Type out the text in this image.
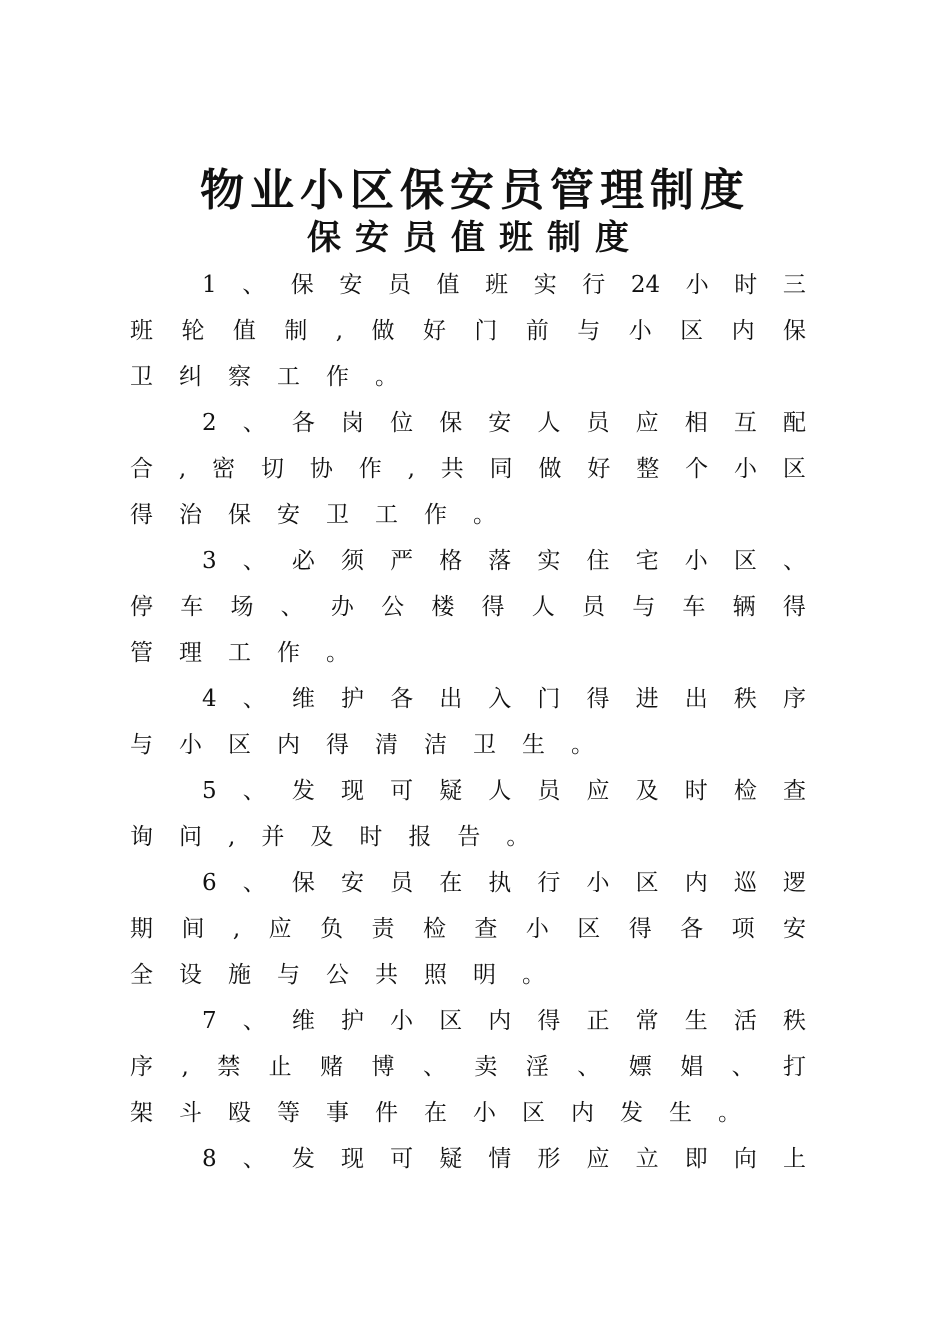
物业小区保安员管理制度
保安员值班制度
1 、 保 安 员 值 班 实 行 24 小 时 三
班 轮 值 制 , 做 好 门 前 与 小 区 内 保
卫 纠 察 工 作 。
2 、 各 岗 位 保 安 人 员 应 相 互 配
合 , 密 切 协 作 , 共 同 做 好 整 个 小 区
得 治 保 安 卫 工 作 。
3 、 必 须 严 格 落 实 住 宅 小 区 、
停 车 场 、 办 公 楼 得 人 员 与 车 辆 得
管 理 工 作 。
4 、 维 护 各 出 入 门 得 进 出 秩 序
与 小 区 内 得 清 洁 卫 生 。
5 、 发 现 可 疑 人 员 应 及 时 检 查
询 问 , 并 及 时 报 告 。
6 、 保 安 员 在 执 行 小 区 内 巡 逻
期 间 , 应 负 责 检 查 小 区 得 各 项 安
全 设 施 与 公 共 照 明 。
7 、 维 护 小 区 内 得 正 常 生 活 秩
序 , 禁 止 赌 博 、 卖 淫 、 嫖 娼 、 打
架 斗 殴 等 事 件 在 小 区 内 发 生 。
8 、 发 现 可 疑 情 形 应 立 即 向 上
